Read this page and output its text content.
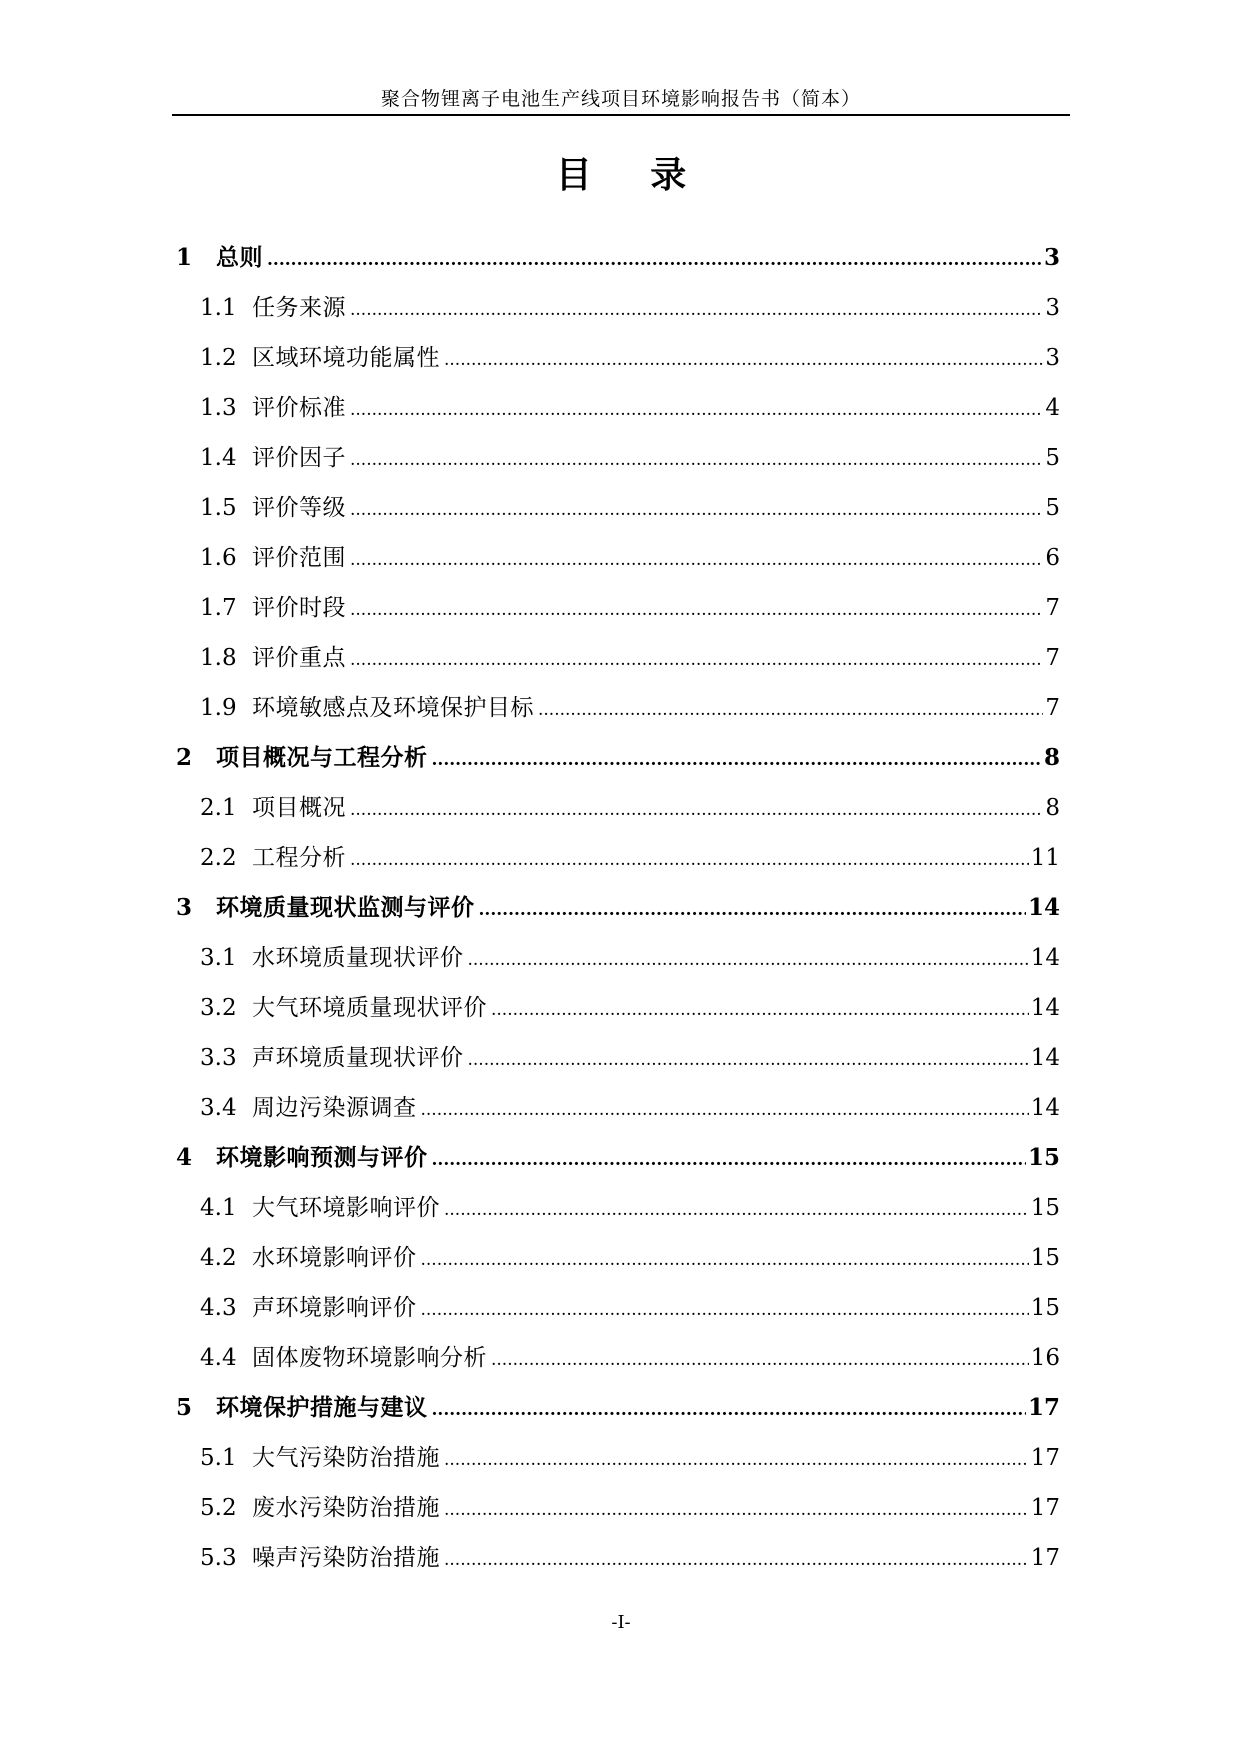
聚合物锂离子电池生产线项目环境影响报告书（简本）
目 录
1	总则 .....	3
1.1 任务来源 .....	3
1.2 区域环境功能属性 .....	3
1.3 评价标准 .....	4
1.4 评价因子 .....	5
1.5 评价等级 .....	5
1.6 评价范围 .....	6
1.7 评价时段 .....	7
1.8 评价重点 .....	7
1.9 环境敏感点及环境保护目标 .....	7
2	项目概况与工程分析 .....	8
2.1 项目概况 .....	8
2.2 工程分析 .....	11
3	环境质量现状监测与评价 .....	14
3.1 水环境质量现状评价 .....	14
3.2 大气环境质量现状评价 .....	14
3.3 声环境质量现状评价 .....	14
3.4 周边污染源调查 .....	14
4	环境影响预测与评价 .....	15
4.1 大气环境影响评价 .....	15
4.2 水环境影响评价 .....	15
4.3 声环境影响评价 .....	15
4.4 固体废物环境影响分析 .....	16
5	环境保护措施与建议 .....	17
5.1 大气污染防治措施 .....	17
5.2 废水污染防治措施 .....	17
5.3 噪声污染防治措施 .....	17
-I-
